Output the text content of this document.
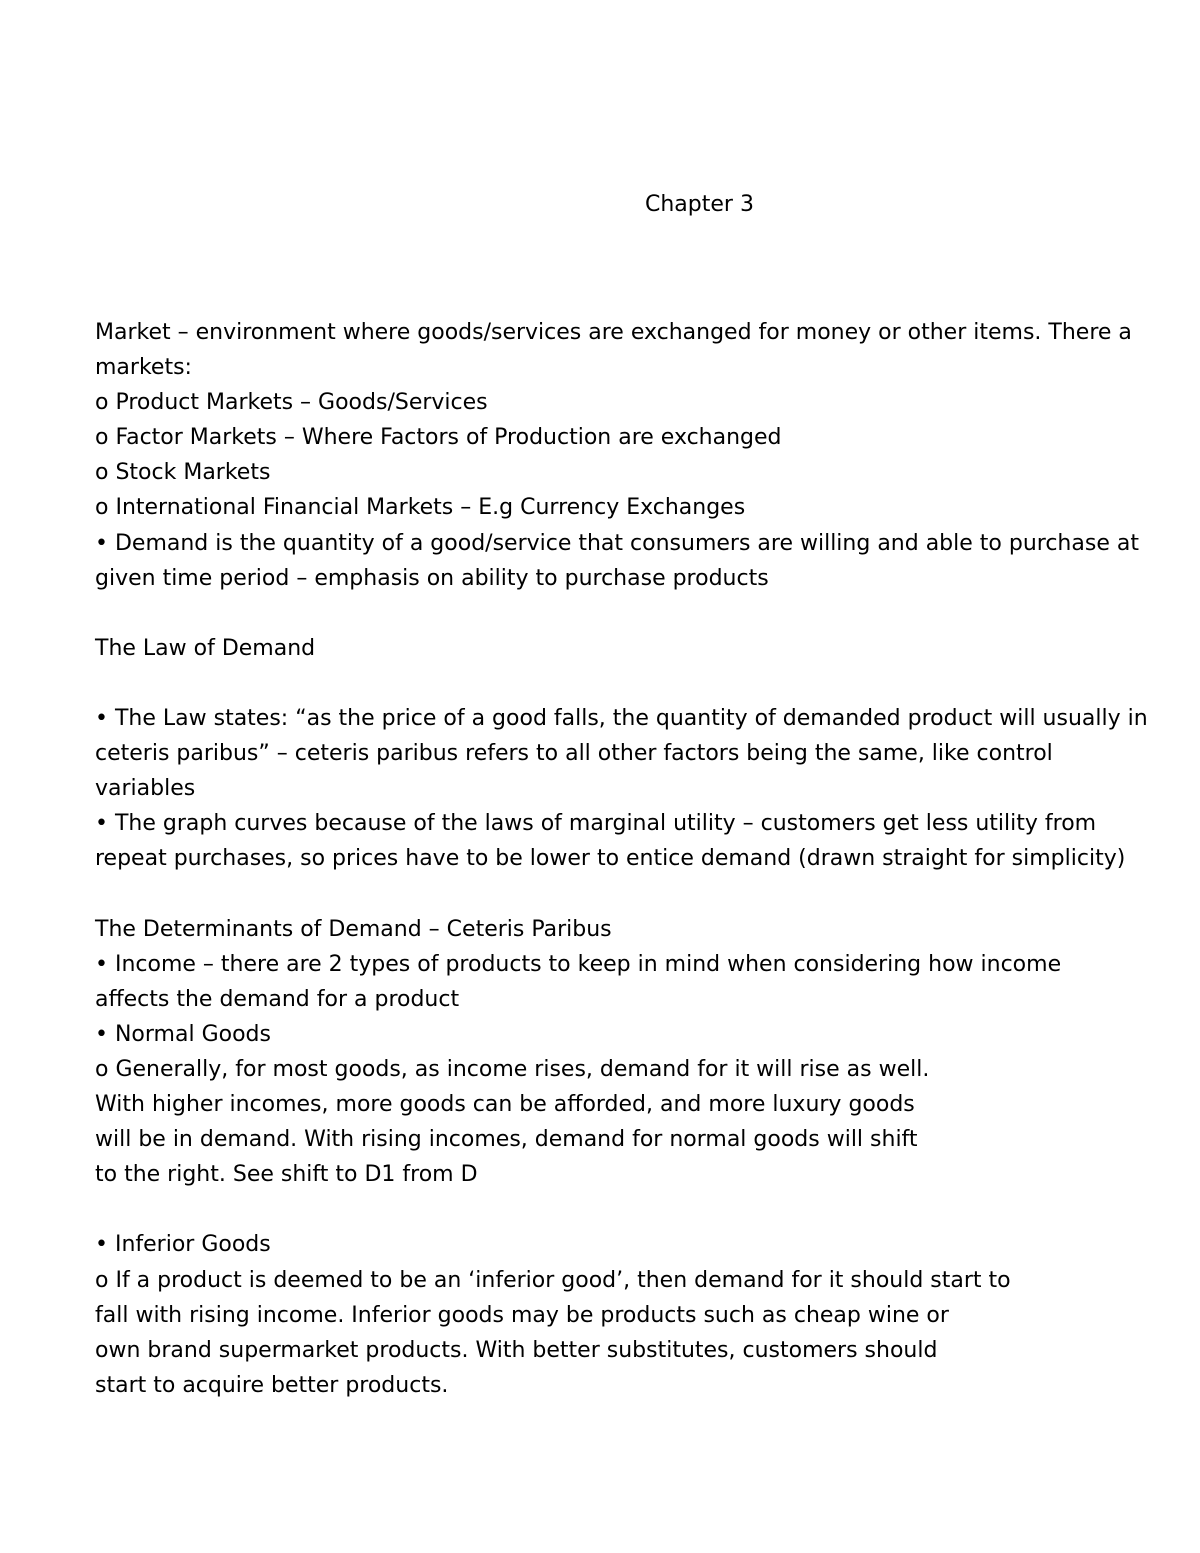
Chapter 3
Market – environment where goods/services are exchanged for money or other items. There a
markets:
o Product Markets – Goods/Services
o Factor Markets – Where Factors of Production are exchanged
o Stock Markets
o International Financial Markets – E.g Currency Exchanges
• Demand is the quantity of a good/service that consumers are willing and able to purchase at
given time period – emphasis on ability to purchase products
The Law of Demand
• The Law states: “as the price of a good falls, the quantity of demanded product will usually in
ceteris paribus” – ceteris paribus refers to all other factors being the same, like control
variables
• The graph curves because of the laws of marginal utility – customers get less utility from
repeat purchases, so prices have to be lower to entice demand (drawn straight for simplicity)
The Determinants of Demand – Ceteris Paribus
• Income – there are 2 types of products to keep in mind when considering how income
affects the demand for a product
• Normal Goods
o Generally, for most goods, as income rises, demand for it will rise as well.
With higher incomes, more goods can be afforded, and more luxury goods
will be in demand. With rising incomes, demand for normal goods will shift
to the right. See shift to D1 from D
• Inferior Goods
o If a product is deemed to be an ‘inferior good’, then demand for it should start to
fall with rising income. Inferior goods may be products such as cheap wine or
own brand supermarket products. With better substitutes, customers should
start to acquire better products.
